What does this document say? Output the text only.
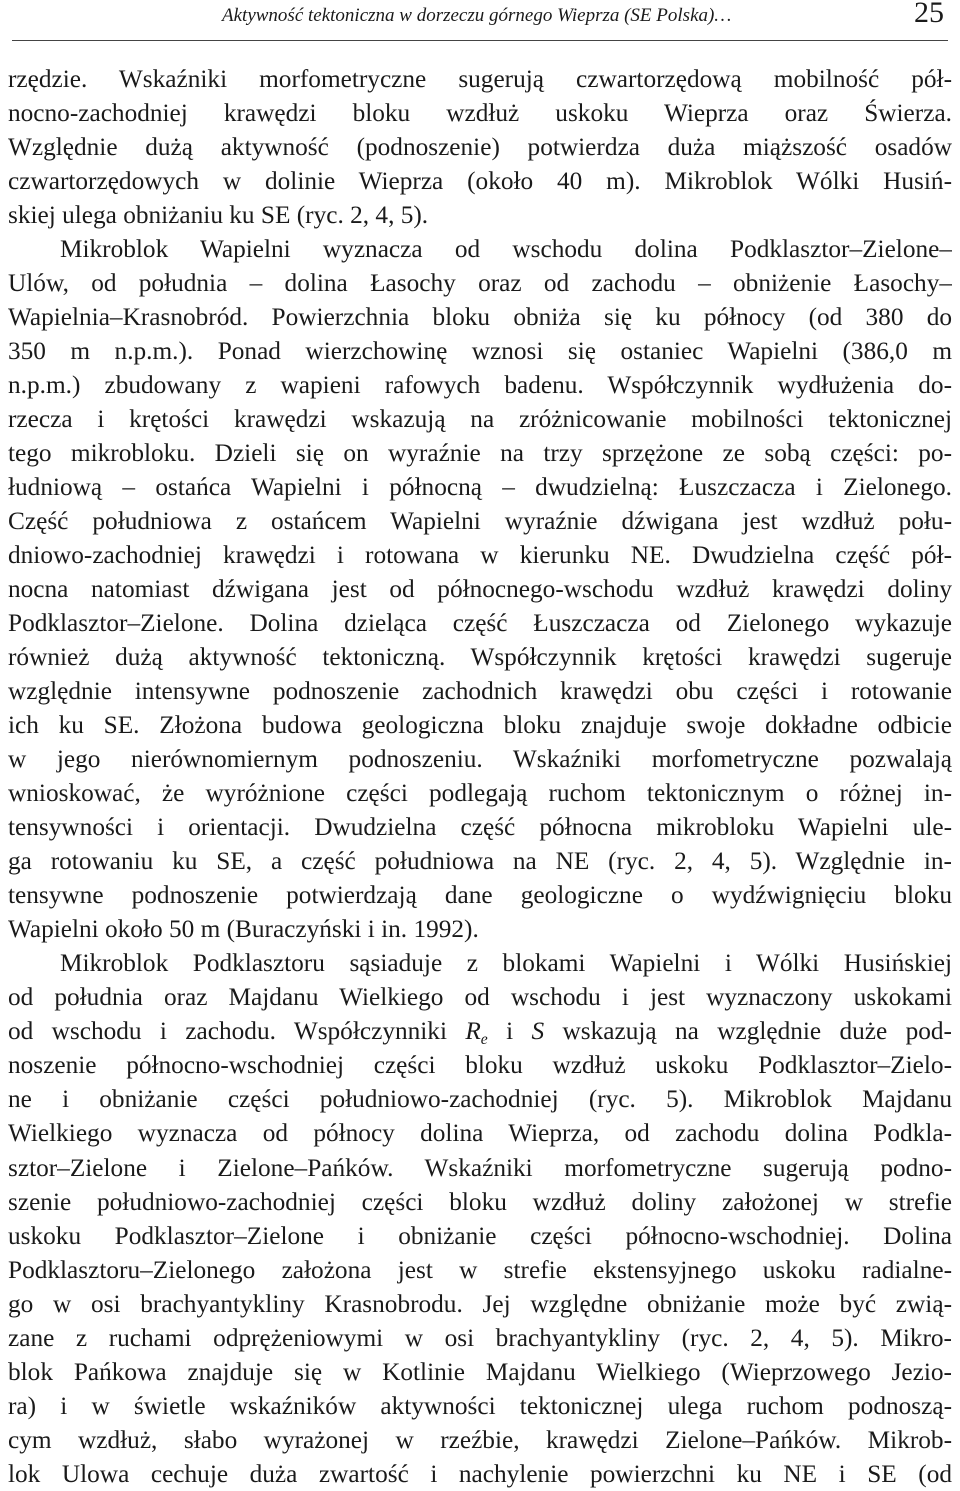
Aktywność tektoniczna w dorzeczu górnego Wieprza (SE Polska)…	25
rzędzie. Wskaźniki morfometryczne sugerują czwartorzędową mobilność pół-
nocno-zachodniej krawędzi bloku wzdłuż uskoku Wieprza oraz Świerza.
Względnie dużą aktywność (podnoszenie) potwierdza duża miąższość osadów
czwartorzędowych w dolinie Wieprza (około 40 m). Mikroblok Wólki Husiń-
skiej ulega obniżaniu ku SE (ryc. 2, 4, 5).
Mikroblok Wapielni wyznacza od wschodu dolina Podklasztor–Zielone–
Ulów, od południa – dolina Łasochy oraz od zachodu – obniżenie Łasochy–
Wapielnia–Krasnobród. Powierzchnia bloku obniża się ku północy (od 380 do
350 m n.p.m.). Ponad wierzchowinę wznosi się ostaniec Wapielni (386,0 m
n.p.m.) zbudowany z wapieni rafowych badenu. Współczynnik wydłużenia do-
rzecza i krętości krawędzi wskazują na zróżnicowanie mobilności tektonicznej
tego mikrobloku. Dzieli się on wyraźnie na trzy sprzężone ze sobą części: po-
łudniową – ostańca Wapielni i północną – dwudzielną: Łuszczacza i Zielonego.
Część południowa z ostańcem Wapielni wyraźnie dźwigana jest wzdłuż połu-
dniowo-zachodniej krawędzi i rotowana w kierunku NE. Dwudzielna część pół-
nocna natomiast dźwigana jest od północnego-wschodu wzdłuż krawędzi doliny
Podklasztor–Zielone. Dolina dzieląca część Łuszczacza od Zielonego wykazuje
również dużą aktywność tektoniczną. Współczynnik krętości krawędzi sugeruje
względnie intensywne podnoszenie zachodnich krawędzi obu części i rotowanie
ich ku SE. Złożona budowa geologiczna bloku znajduje swoje dokładne odbicie
w jego nierównomiernym podnoszeniu. Wskaźniki morfometryczne pozwalają
wnioskować, że wyróżnione części podlegają ruchom tektonicznym o różnej in-
tensywności i orientacji. Dwudzielna część północna mikrobloku Wapielni ule-
ga rotowaniu ku SE, a część południowa na NE (ryc. 2, 4, 5). Względnie in-
tensywne podnoszenie potwierdzają dane geologiczne o wydźwignięciu bloku
Wapielni około 50 m (Buraczyński i in. 1992).
Mikroblok Podklasztoru sąsiaduje z blokami Wapielni i Wólki Husińskiej
od południa oraz Majdanu Wielkiego od wschodu i jest wyznaczony uskokami
od wschodu i zachodu. Współczynniki Re i S wskazują na względnie duże pod-
noszenie północno-wschodniej części bloku wzdłuż uskoku Podklasztor–Zielo-
ne i obniżanie części południowo-zachodniej (ryc. 5). Mikroblok Majdanu
Wielkiego wyznacza od północy dolina Wieprza, od zachodu dolina Podkla-
sztor–Zielone i Zielone–Pańków. Wskaźniki morfometryczne sugerują podno-
szenie południowo-zachodniej części bloku wzdłuż doliny założonej w strefie
uskoku Podklasztor–Zielone i obniżanie części północno-wschodniej. Dolina
Podklasztoru–Zielonego założona jest w strefie ekstensyjnego uskoku radialne-
go w osi brachyantykliny Krasnobrodu. Jej względne obniżanie może być zwią-
zane z ruchami odprężeniowymi w osi brachyantykliny (ryc. 2, 4, 5). Mikro-
blok Pańkowa znajduje się w Kotlinie Majdanu Wielkiego (Wieprzowego Jezio-
ra) i w świetle wskaźników aktywności tektonicznej ulega ruchom podnoszą-
cym wzdłuż, słabo wyrażonej w rzeźbie, krawędzi Zielone–Pańków. Mikrob-
lok Ulowa cechuje duża zwartość i nachylenie powierzchni ku NE i SE (od
